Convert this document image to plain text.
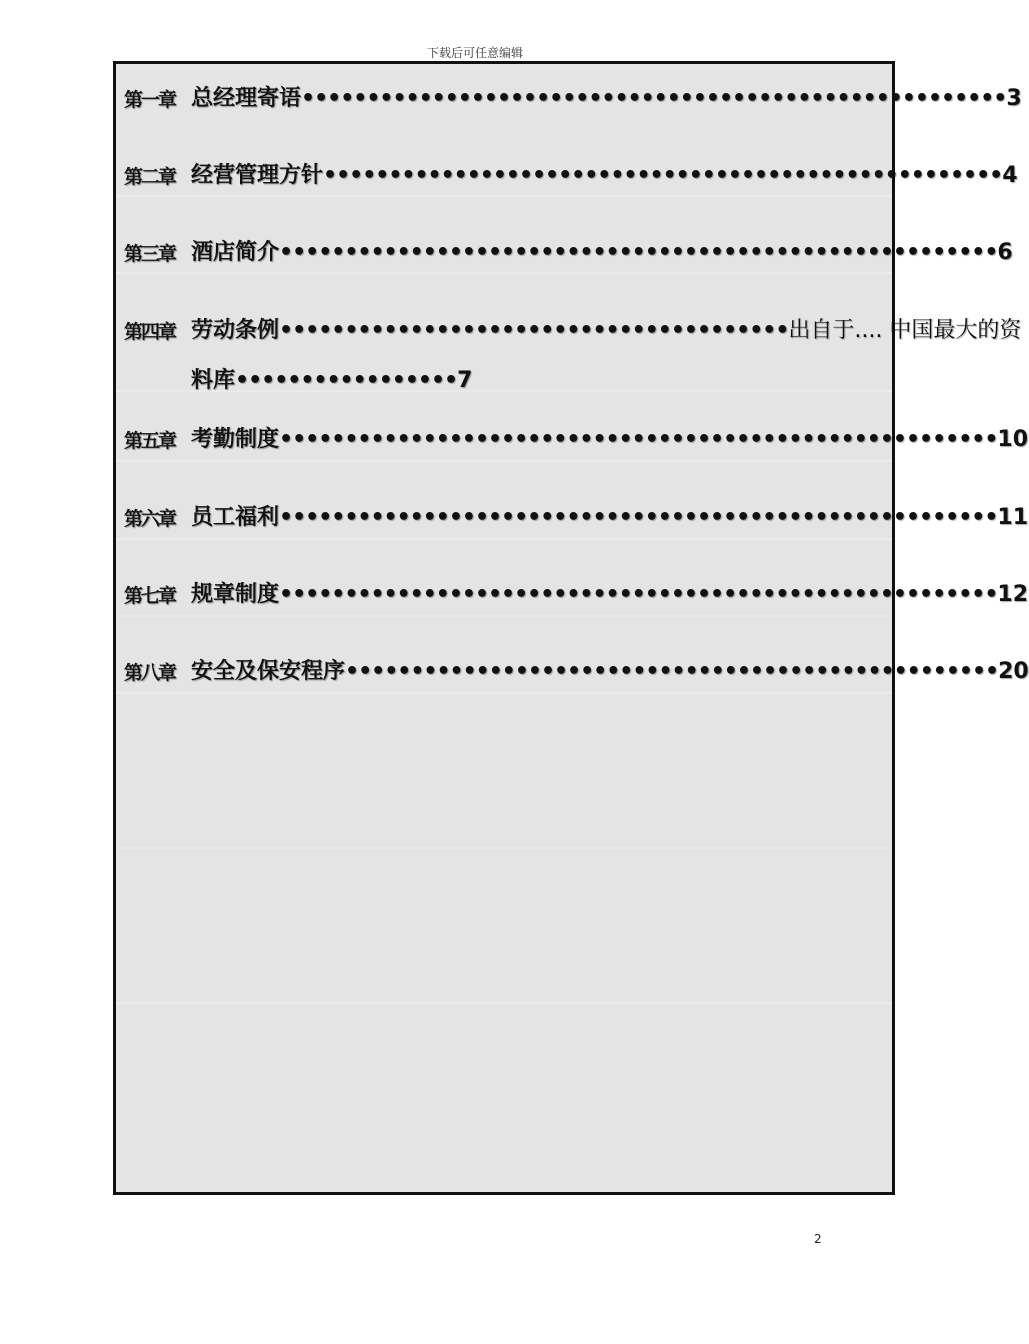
下载后可任意编辑
第一章 总经理寄语••••••••••••••••••••••••••••••••••••••••••••••••••••••3
第二章 经营管理方针••••••••••••••••••••••••••••••••••••••••••••••••••••4
第三章 酒店简介•••••••••••••••••••••••••••••••••••••••••••••••••••••••6
第四章 劳动条例•••••••••••••••••••••••••••••••••••••••出自于.... 中国最大的资
料库•••••••••••••••••7
第五章 考勤制度•••••••••••••••••••••••••••••••••••••••••••••••••••••••10
第六章 员工福利•••••••••••••••••••••••••••••••••••••••••••••••••••••••11
第七章 规章制度•••••••••••••••••••••••••••••••••••••••••••••••••••••••12
第八章 安全及保安程序••••••••••••••••••••••••••••••••••••••••••••••••••20
2
